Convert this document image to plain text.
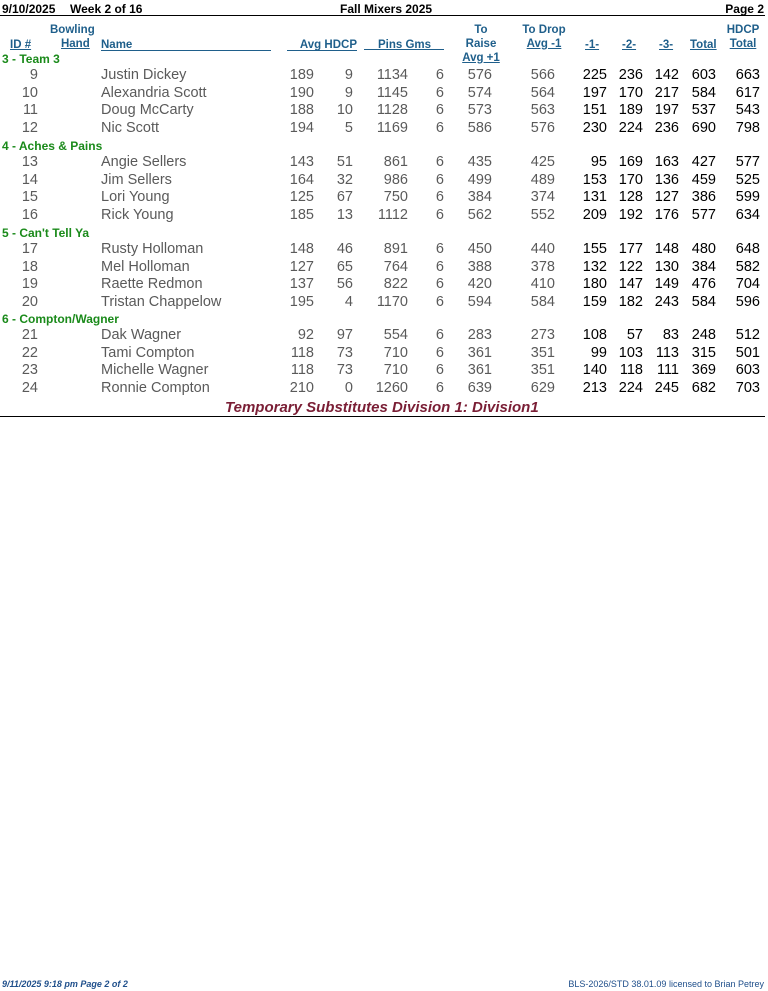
9/10/2025 Week 2 of 16	Fall Mixers 2025	Page 2
ID #
Bowling
Hand Name	Avg HDCP	Pins Gms
To Raise
Avg +1
To Drop
Avg -1	-1- -2- -3- Total
HDCP
Total
3 - Team 3
9	Justin Dickey	189 9 1134 6 576	566 225 236 142 603 663
10	Alexandria Scott	190 9 1145 6 574	564 197 170 217 584 617
11	Doug McCarty	188 10 1128 6 573	563 151 189 197 537 543
12	Nic Scott	194 5 1169 6 586	576 230 224 236 690 798
4 - Aches & Pains
13	Angie Sellers	143 51 861 6 435	425 95 169 163 427 577
14	Jim Sellers	164 32 986 6 499	489 153 170 136 459 525
15	Lori Young	125 67 750 6 384	374 131 128 127 386 599
16	Rick Young	185 13 1112 6 562	552 209 192 176 577 634
5 - Can't Tell Ya
17	Rusty Holloman	148 46 891 6 450	440 155 177 148 480 648
18	Mel Holloman	127 65 764 6 388	378 132 122 130 384 582
19	Raette Redmon	137 56 822 6 420	410 180 147 149 476 704
20	Tristan Chappelow	195 4 1170 6 594	584 159 182 243 584 596
6 - Compton/Wagner
21	Dak Wagner	92 97 554 6 283	273 108 57 83 248 512
22	Tami Compton	118 73 710 6 361	351 99 103 113 315 501
23	Michelle Wagner	118 73 710 6 361	351 140 118 111 369 603
24	Ronnie Compton	210 0 1260 6 639	629 213 224 245 682 703
Temporary Substitutes Division 1: Division1
9/11/2025 9:18 pm Page 2 of 2	BLS-2026/STD 38.01.09 licensed to Brian Petrey
